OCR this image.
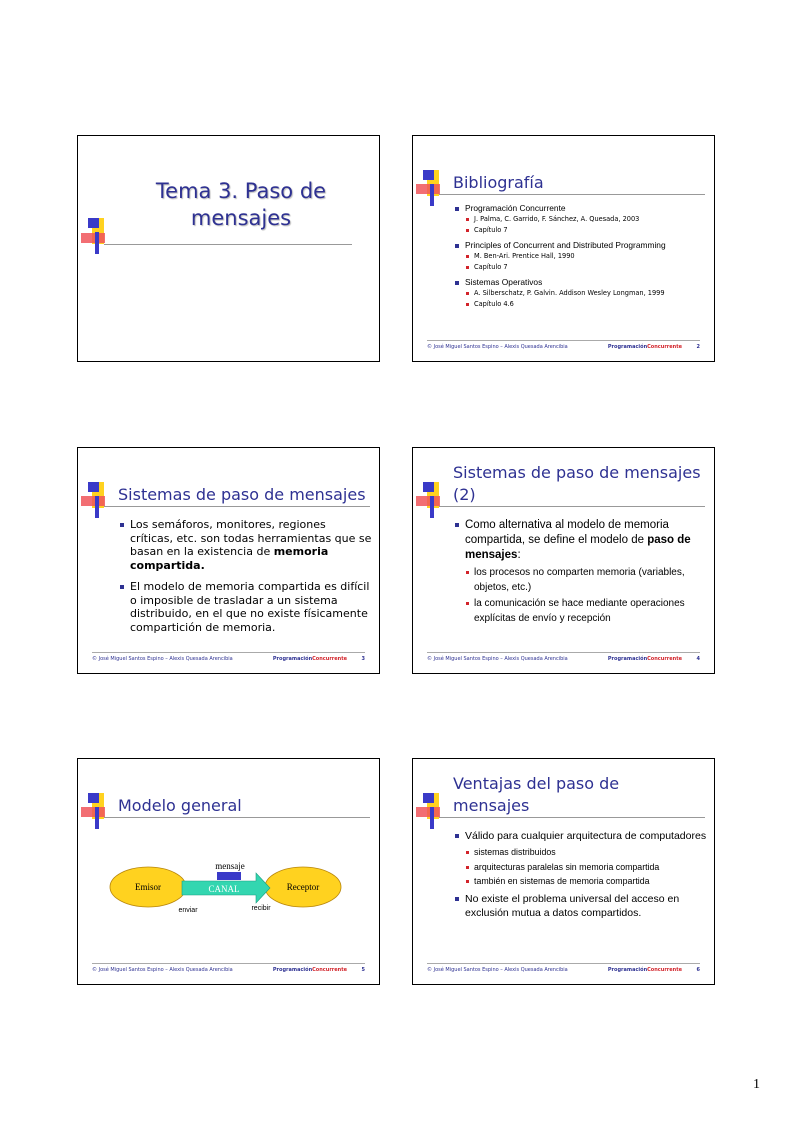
Tema 3. Paso de
mensajes
Bibliografía
Programación Concurrente
J. Palma, C. Garrido, F. Sánchez, A. Quesada, 2003
Capítulo 7
Principles of Concurrent and Distributed Programming
M. Ben-Ari. Prentice Hall, 1990
Capítulo 7
Sistemas Operativos
A. Silberschatz, P. Galvin. Addison Wesley Longman, 1999
Capítulo 4.6
© José Miguel Santos Espino – Alexis Quesada Arencibia	ProgramaciónConcurrente	2
Sistemas de paso de mensajes
Los semáforos, monitores, regiones críticas, etc. son todas herramientas que se basan en la existencia de memoria compartida.
El modelo de memoria compartida es difícil o imposible de trasladar a un sistema distribuido, en el que no existe físicamente compartición de memoria.
© José Miguel Santos Espino – Alexis Quesada Arencibia	ProgramaciónConcurrente	3
Sistemas de paso de mensajes
(2)
Como alternativa al modelo de memoria compartida, se define el modelo de paso de mensajes:
los procesos no comparten memoria (variables, objetos, etc.)
la comunicación se hace mediante operaciones explícitas de envío y recepción
© José Miguel Santos Espino – Alexis Quesada Arencibia	ProgramaciónConcurrente	4
Modelo general
Emisor	Receptor
CANAL
mensaje
enviar	recibir
© José Miguel Santos Espino – Alexis Quesada Arencibia	ProgramaciónConcurrente	5
Ventajas del paso de
mensajes
Válido para cualquier arquitectura de computadores
sistemas distribuidos
arquitecturas paralelas sin memoria compartida
también en sistemas de memoria compartida
No existe el problema universal del acceso en exclusión mutua a datos compartidos.
© José Miguel Santos Espino – Alexis Quesada Arencibia	ProgramaciónConcurrente	6
1
